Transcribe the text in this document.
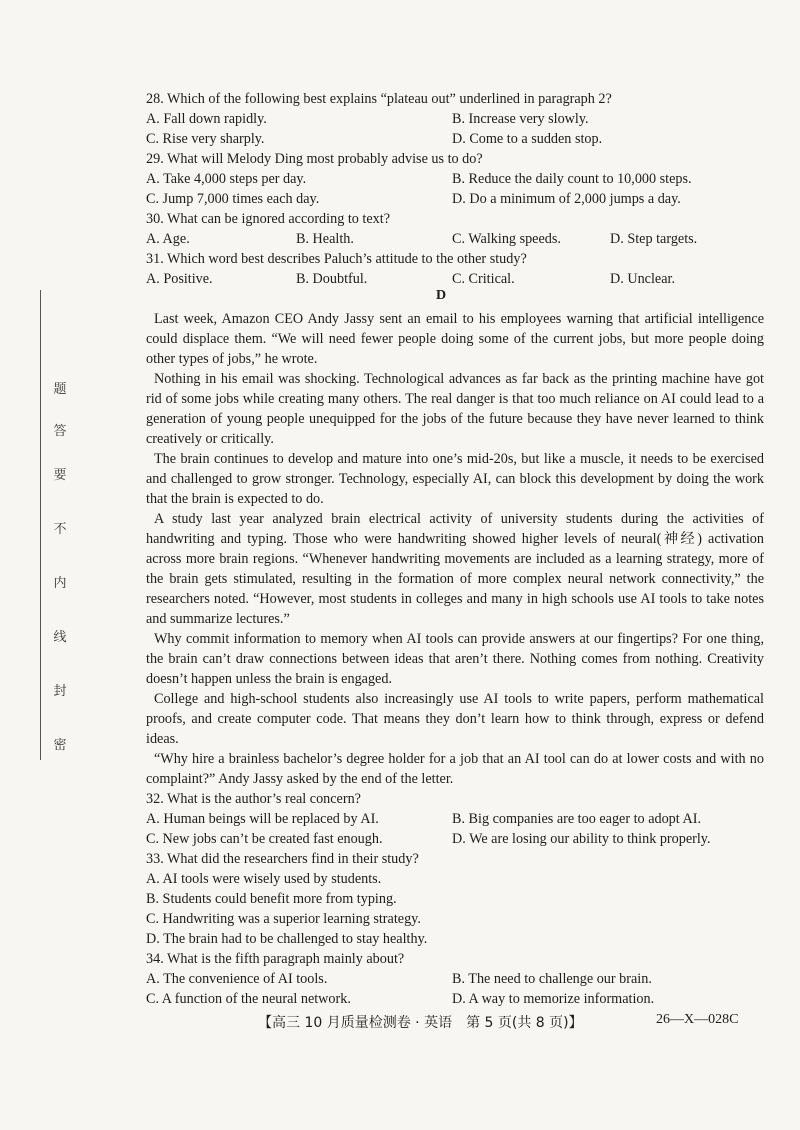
密
封
线
内
不
要
答
题
28. Which of the following best explains “plateau out” underlined in paragraph 2?
A. Fall down rapidly.	B. Increase very slowly.
C. Rise very sharply.	D. Come to a sudden stop.
29. What will Melody Ding most probably advise us to do?
A. Take 4,000 steps per day.	B. Reduce the daily count to 10,000 steps.
C. Jump 7,000 times each day.	D. Do a minimum of 2,000 jumps a day.
30. What can be ignored according to text?
A. Age.	B. Health.	C. Walking speeds.	D. Step targets.
31. Which word best describes Paluch’s attitude to the other study?
A. Positive.	B. Doubtful.	C. Critical.	D. Unclear.
D

Last week, Amazon CEO Andy Jassy sent an email to his employees warning that artificial intelligence could displace them. “We will need fewer people doing some of the current jobs, but more people doing other types of jobs,” he wrote.

Nothing in his email was shocking. Technological advances as far back as the printing machine have got rid of some jobs while creating many others. The real danger is that too much reliance on AI could lead to a generation of young people unequipped for the jobs of the future because they have never learned to think creatively or critically.

The brain continues to develop and mature into one’s mid-20s, but like a muscle, it needs to be exercised and challenged to grow stronger. Technology, especially AI, can block this development by doing the work that the brain is expected to do.

A study last year analyzed brain electrical activity of university students during the activities of handwriting and typing. Those who were handwriting showed higher levels of neural(神经) activation across more brain regions. “Whenever handwriting movements are included as a learning strategy, more of the brain gets stimulated, resulting in the formation of more complex neural network connectivity,” the researchers noted. “However, most students in colleges and many in high schools use AI tools to take notes and summarize lectures.”

Why commit information to memory when AI tools can provide answers at our fingertips? For one thing, the brain can’t draw connections between ideas that aren’t there. Nothing comes from nothing. Creativity doesn’t happen unless the brain is engaged.

College and high-school students also increasingly use AI tools to write papers, perform mathematical proofs, and create computer code. That means they don’t learn how to think through, express or defend ideas.

“Why hire a brainless bachelor’s degree holder for a job that an AI tool can do at lower costs and with no complaint?” Andy Jassy asked by the end of the letter.

32. What is the author’s real concern?
A. Human beings will be replaced by AI.	B. Big companies are too eager to adopt AI.
C. New jobs can’t be created fast enough.	D. We are losing our ability to think properly.
33. What did the researchers find in their study?
A. AI tools were wisely used by students.
B. Students could benefit more from typing.
C. Handwriting was a superior learning strategy.
D. The brain had to be challenged to stay healthy.
34. What is the fifth paragraph mainly about?
A. The convenience of AI tools.	B. The need to challenge our brain.
C. A function of the neural network.	D. A way to memorize information.
【高三 10 月质量检测卷 · 英语　第 5 页(共 8 页)】	26—X—028C
